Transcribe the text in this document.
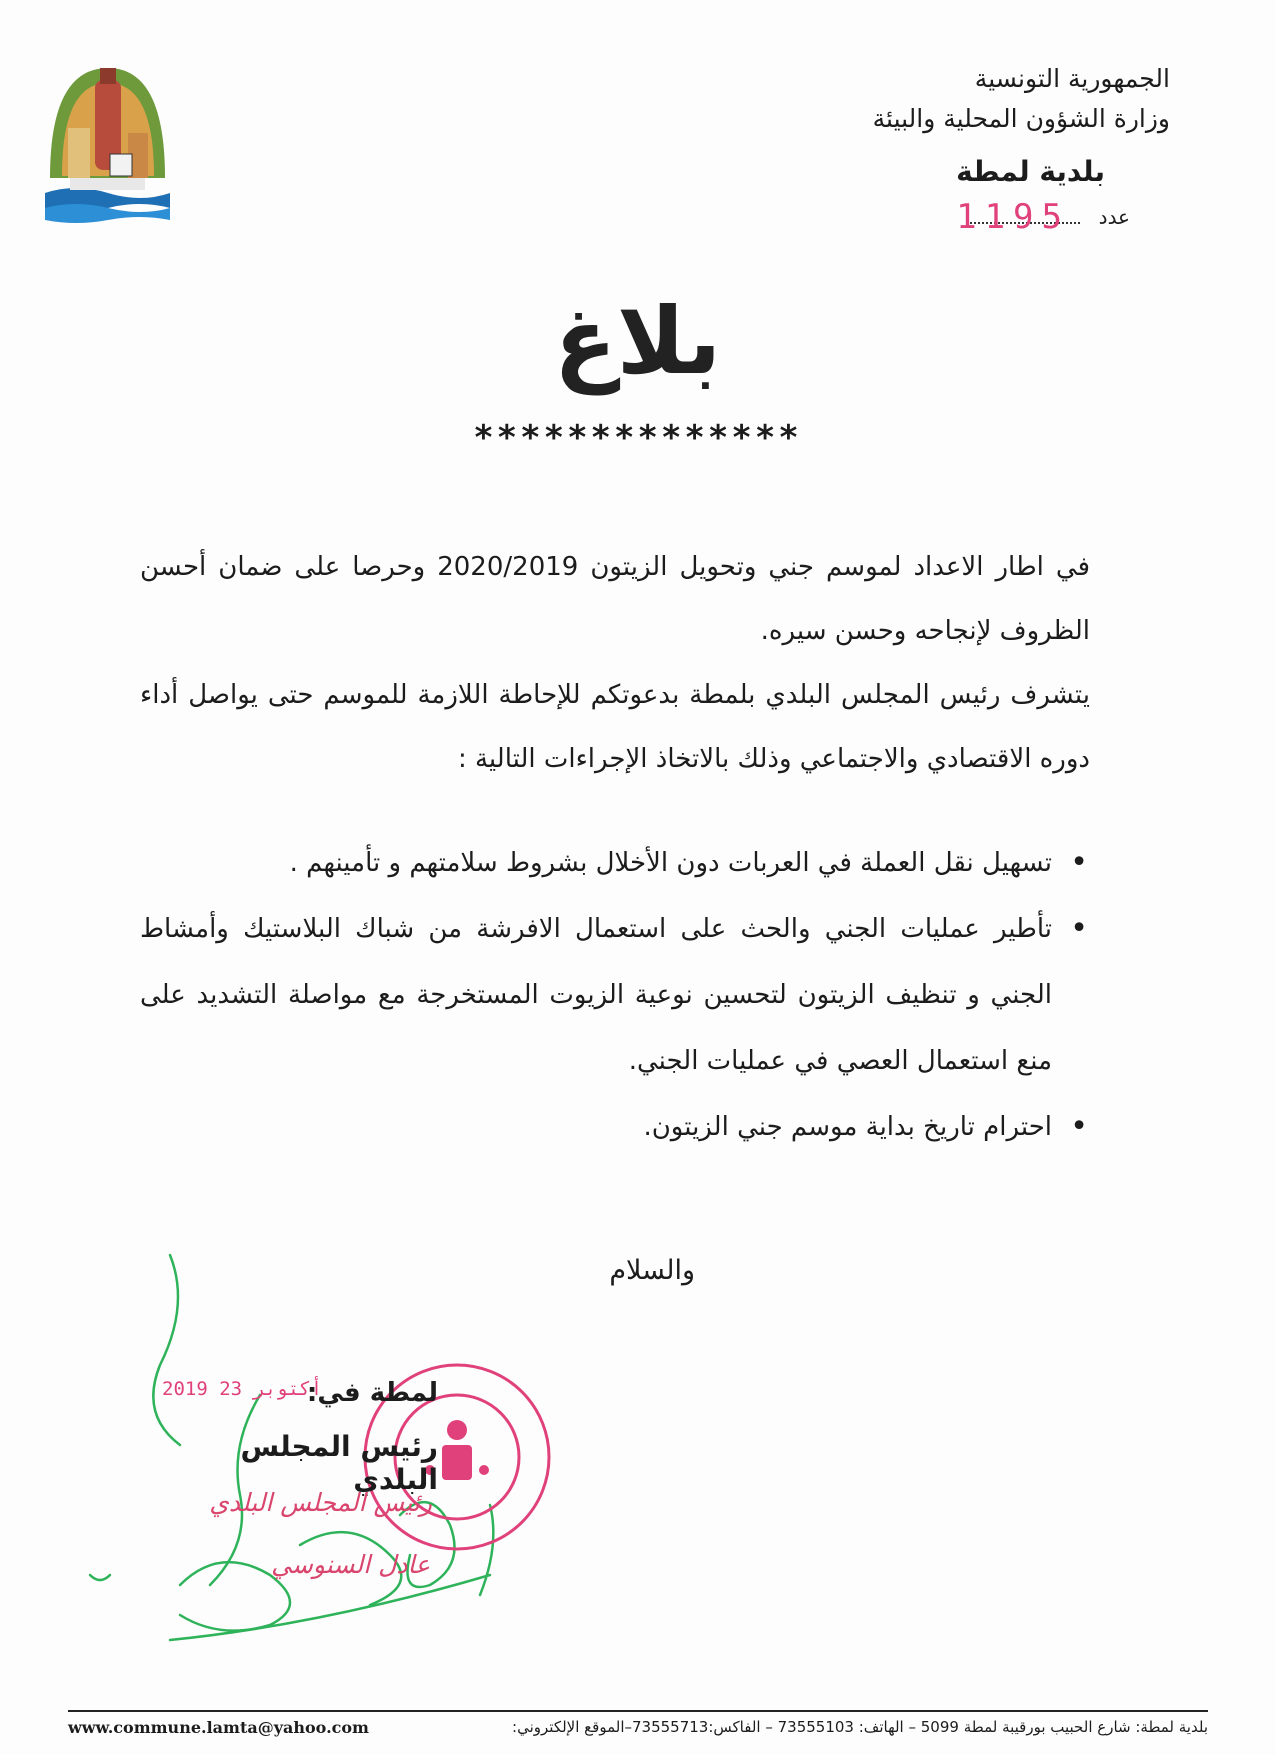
الجمهورية التونسية
وزارة الشؤون المحلية والبيئة
بلدية لمطة
عدد
1195
بلاغ
**************

في اطار الاعداد لموسم جني وتحويل الزيتون 2020/2019 وحرصا على ضمان أحسن الظروف لإنجاحه وحسن سيره.

يتشرف رئيس المجلس البلدي بلمطة بدعوتكم للإحاطة اللازمة للموسم حتى يواصل أداء دوره الاقتصادي والاجتماعي وذلك بالاتخاذ الإجراءات التالية :

• تسهيل نقل العملة في العربات دون الأخلال بشروط سلامتهم و تأمينهم .
• تأطير عمليات الجني والحث على استعمال الافرشة من شباك البلاستيك وأمشاط الجني و تنظيف الزيتون لتحسين نوعية الزيوت المستخرجة مع مواصلة التشديد على منع استعمال العصي في عمليات الجني.
• احترام تاريخ بداية موسم جني الزيتون.
والسلام
لمطة في:
2019 أكتوبر 23
رئيس المجلس البلدي
رئيس المجلس البلدي
عادل السنوسي
www.commune.lamta@yahoo.com	بلدية لمطة: شارع الحبيب بورقيبة لمطة 5099 – الهاتف: 73555103 – الفاكس:73555713–الموقع الإلكتروني:
